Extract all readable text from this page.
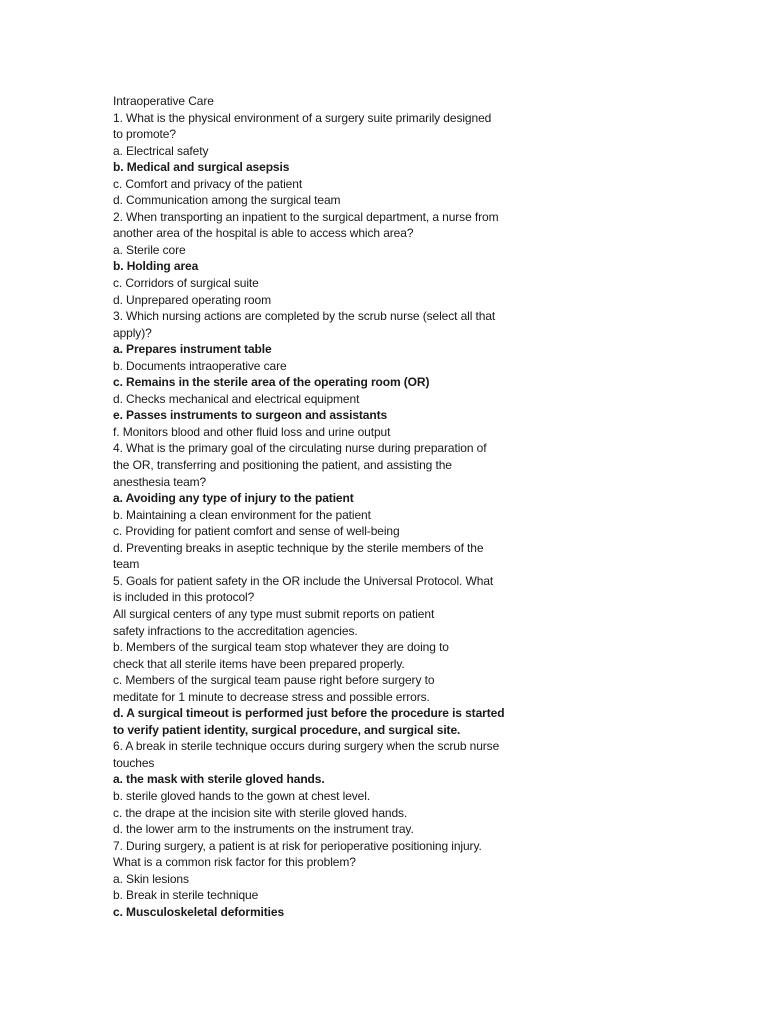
Intraoperative Care
1. What is the physical environment of a surgery suite primarily designed
to promote?
a. Electrical safety
b. Medical and surgical asepsis
c. Comfort and privacy of the patient
d. Communication among the surgical team
2. When transporting an inpatient to the surgical department, a nurse from
another area of the hospital is able to access which area?
a. Sterile core
b. Holding area
c. Corridors of surgical suite
d. Unprepared operating room
3. Which nursing actions are completed by the scrub nurse (select all that
apply)?
a. Prepares instrument table
b. Documents intraoperative care
c. Remains in the sterile area of the operating room (OR)
d. Checks mechanical and electrical equipment
e. Passes instruments to surgeon and assistants
f. Monitors blood and other fluid loss and urine output
4. What is the primary goal of the circulating nurse during preparation of
the OR, transferring and positioning the patient, and assisting the
anesthesia team?
a. Avoiding any type of injury to the patient
b. Maintaining a clean environment for the patient
c. Providing for patient comfort and sense of well-being
d. Preventing breaks in aseptic technique by the sterile members of the
team
5. Goals for patient safety in the OR include the Universal Protocol. What
is included in this protocol?
All surgical centers of any type must submit reports on patient
safety infractions to the accreditation agencies.
b. Members of the surgical team stop whatever they are doing to
check that all sterile items have been prepared properly.
c. Members of the surgical team pause right before surgery to
meditate for 1 minute to decrease stress and possible errors.
d. A surgical timeout is performed just before the procedure is started
to verify patient identity, surgical procedure, and surgical site.
6. A break in sterile technique occurs during surgery when the scrub nurse
touches
a. the mask with sterile gloved hands.
b. sterile gloved hands to the gown at chest level.
c. the drape at the incision site with sterile gloved hands.
d. the lower arm to the instruments on the instrument tray.
7. During surgery, a patient is at risk for perioperative positioning injury.
What is a common risk factor for this problem?
a. Skin lesions
b. Break in sterile technique
c. Musculoskeletal deformities
